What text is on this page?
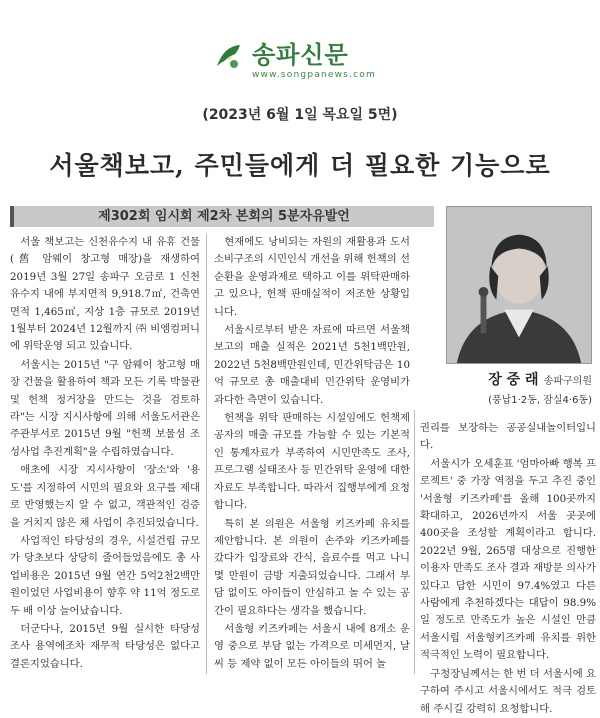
송파신문
www.songpanews.com
(2023년 6월 1일 목요일 5면)
서울책보고, 주민들에게 더 필요한 기능으로
제302회 임시회 제2차 본회의 5분자유발언
장 중 래 송파구의원
(풍납1·2동, 잠실4·6동)

서울 책보고는 신천유수지 내 유휴 건물(舊 암웨이 창고형 매장)을 재생하여 2019년 3월 27일 송파구 오금로 1 신천유수지 내에 부지면적 9,918.7㎡, 건축연면적 1,465㎡, 지상 1층 규모로 2019년 1월부터 2024년 12월까지 ㈜ 비엠컴퍼니에 위탁운영 되고 있습니다.

서울시는 2015년 "구 암웨이 창고형 매장 건물을 활용하여 책과 모든 기록 박물관 및 헌책 정거장을 만드는 것을 검토하라"는 시장 지시사항에 의해 서울도서관은 주관부서로 2015년 9월 "헌책 보물섬 조성사업 추진계획"을 수립하였습니다.

애초에 시장 지시사항이 '장소'와 '용도'를 지정하여 시민의 필요와 요구를 제대로 반영했는지 알 수 없고, 객관적인 검증을 거치지 않은 채 사업이 추진되었습니다.

사업적인 타당성의 경우, 시설건립 규모가 당초보다 상당히 줄어들었음에도 총 사업비용은 2015년 9월 연간 5억2천2백만원이었던 사업비용이 향후 약 11억 정도로 두 배 이상 늘어났습니다.

더군다나, 2015년 9월 실시한 타당성 조사 용역에조차 재무적 타당성은 없다고 결론지었습니다.

현재에도 낭비되는 자원의 재활용과 도서 소비구조의 시민인식 개선을 위해 헌책의 선순환을 운영과제로 택하고 이를 위탁판매하고 있으나, 헌책 판매실적이 저조한 상황입니다.

서울시로부터 받은 자료에 따르면 서울책보고의 매출 실적은 2021년 5천1백만원, 2022년 5천8백만원인데, 민간위탁금은 10억 규모로 총 매출대비 민간위탁 운영비가 과다한 측면이 있습니다.

헌책을 위탁 판매하는 시설임에도 헌책제공자의 매출 규모를 가늠할 수 있는 기본적인 통계자료가 부족하여 시민만족도 조사, 프로그램 실태조사 등 민간위탁 운영에 대한 자료도 부족합니다. 따라서 집행부에게 요청합니다.

특히 본 의원은 서울형 키즈카페 유치를 제안합니다. 본 의원이 손주와 키즈카페를 갔다가 입장료와 간식, 음료수를 먹고 나니 몇 만원이 금방 지출되었습니다. 그래서 부담 없이도 아이들이 안심하고 놀 수 있는 공간이 필요하다는 생각을 했습니다.

서울형 키즈카페는 서울시 내에 8개소 운영 중으로 부담 없는 가격으로 미세먼지, 날씨 등 제약 없이 모든 아이들의 뛰어 놀

권리를 보장하는 공공실내놀이터입니다.

서울시가 오세훈표 '엄마아빠 행복 프로젝트' 중 가장 역점을 두고 추진 중인 '서울형 키즈카페'를 올해 100곳까지 확대하고, 2026년까지 서울 곳곳에 400곳을 조성할 계획이라고 합니다. 2022년 9월, 265명 대상으로 진행한 이용자 만족도 조사 결과 재방문 의사가 있다고 답한 시민이 97.4%였고 다른 사람에게 추천하겠다는 대답이 98.9%일 정도로 만족도가 높은 시설인 만큼 서울시립 서울형키즈카페 유치를 위한 적극적인 노력이 필요합니다.

구청장님께서는 한 번 더 서울시에 요구하여 주시고 서울시에서도 적극 검토해 주시길 강력히 요청합니다.
